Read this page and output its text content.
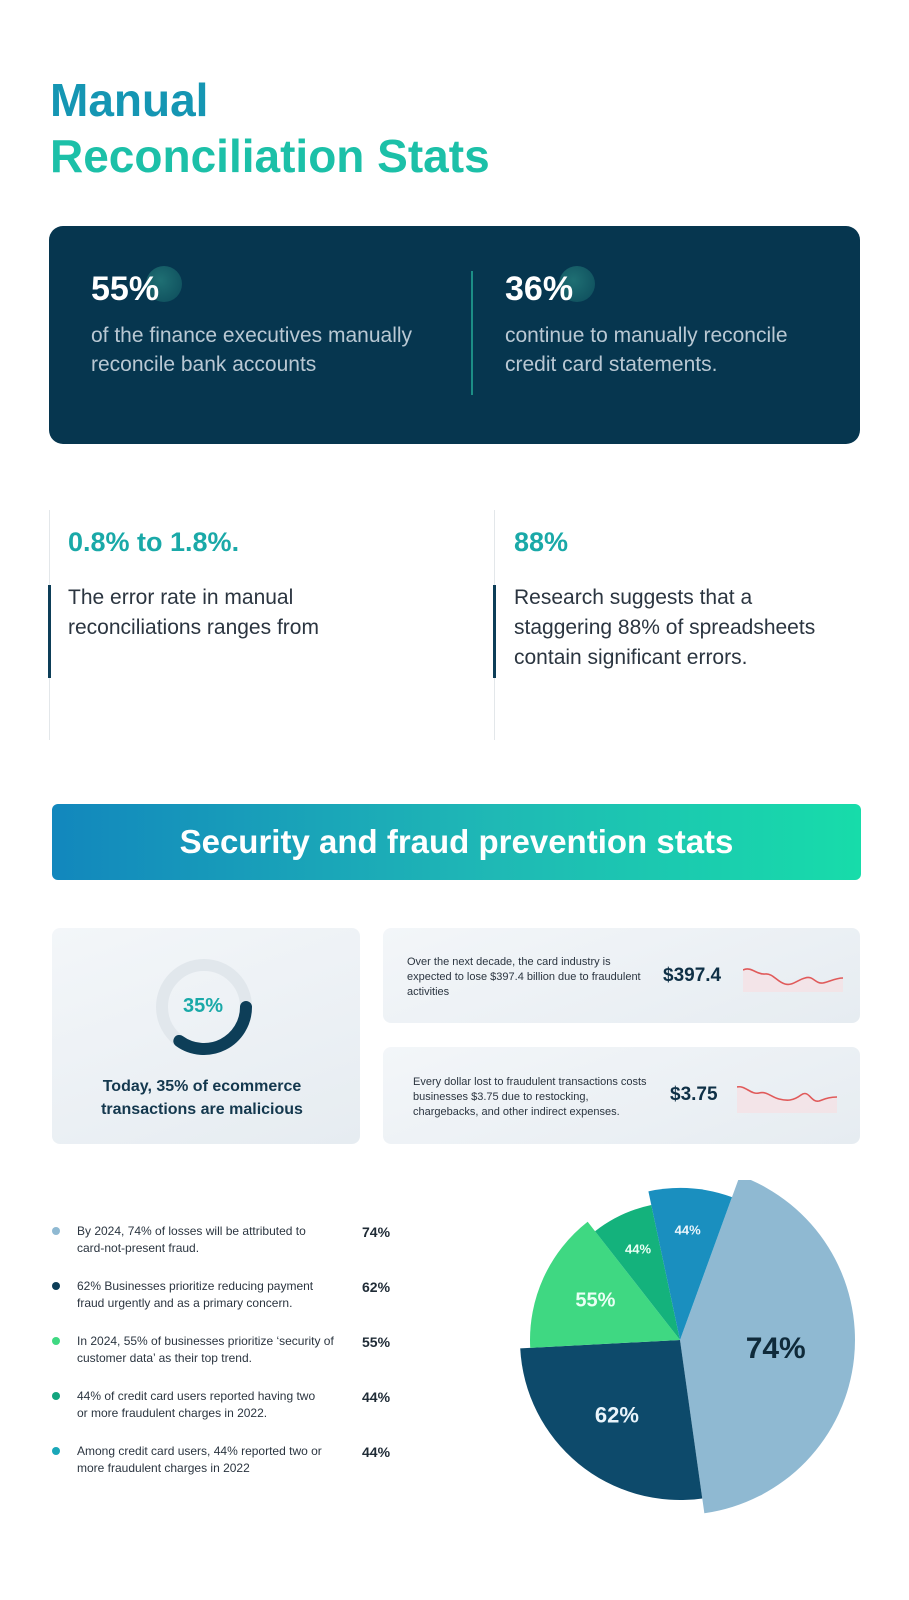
Manual
Reconciliation Stats
55%
of the finance executives manually
reconcile bank accounts
36%
continue to manually reconcile
credit card statements.
0.8% to 1.8%.
The error rate in manual
reconciliations ranges from
88%
Research suggests that a
staggering 88% of spreadsheets
contain significant errors.
Security and fraud prevention stats
35%
Today, 35% of ecommerce
transactions are malicious
Over the next decade, the card industry is
expected to lose $397.4 billion due to fraudulent
activities
$397.4
Every dollar lost to fraudulent transactions costs
businesses $3.75 due to restocking,
chargebacks, and other indirect expenses.
$3.75
By 2024, 74% of losses will be attributed to
card-not-present fraud.
74%
62% Businesses prioritize reducing payment
fraud urgently and as a primary concern.
62%
In 2024, 55% of businesses prioritize ‘security of
customer data’ as their top trend.
55%
44% of credit card users reported having two
or more fraudulent charges in 2022.
44%
Among credit card users, 44% reported two or
more fraudulent charges in 2022
44%
74%
62%
55%
44%
44%
